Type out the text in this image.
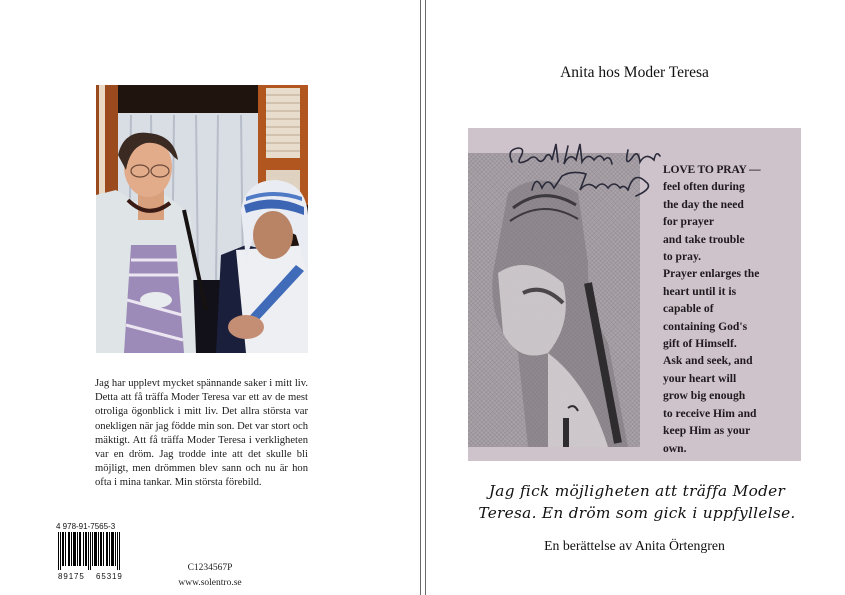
Jag har upplevt mycket spännande saker i mitt liv. Detta att få träffa Moder Teresa var ett av de mest otroliga ögonblick i mitt liv. Det allra största var onekligen när jag födde min son. Det var stort och mäktigt. Att få träffa Moder Teresa i verkligheten var en dröm. Jag trodde inte att det skulle bli möjligt, men drömmen blev sann och nu är hon ofta i mina tankar. Min största förebild.
4 978-91-7565-3
89175 65319
C1234567P
www.solentro.se
Anita hos Moder Teresa
LOVE TO PRAY —
feel often during
the day the need
for prayer
and take trouble
to pray.
Prayer enlarges the
heart until it is
capable of
containing God's
gift of Himself.
Ask and seek, and
your heart will
grow big enough
to receive Him and
keep Him as your
own.
Jag fick möjligheten att träffa Moder
Teresa. En dröm som gick i uppfyllelse.
En berättelse av Anita Örtengren
